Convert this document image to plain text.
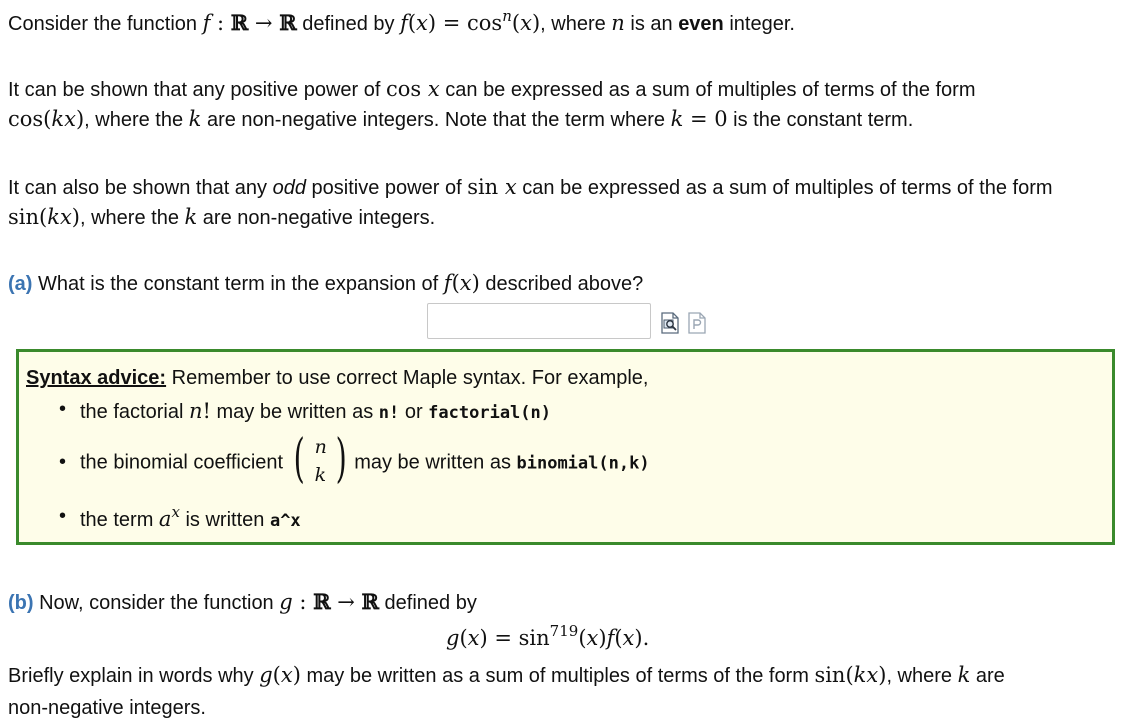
Consider the function f : ℝ → ℝ defined by $f(x) = \cos^n(x)$, where n is an even integer.
It can be shown that any positive power of cos x can be expressed as a sum of multiples of terms of the form
cos(kx), where the k are non-negative integers. Note that the term where k = 0 is the constant term.
It can also be shown that any odd positive power of sin x can be expressed as a sum of multiples of terms of the form
sin(kx), where the k are non-negative integers.
(a) What is the constant term in the expansion of f(x) described above?
Syntax advice: Remember to use correct Maple syntax. For example,
• the factorial n! may be written as n! or factorial(n)
• the binomial coefficient ( n
k ) may be written as binomial(n,k)
• the term $a^x$ is written a^x
(b) Now, consider the function g : ℝ → ℝ defined by
$g(x) = \sin^{719}(x)f(x)$.
Briefly explain in words why g(x) may be written as a sum of multiples of terms of the form sin(kx), where k are
non-negative integers.
